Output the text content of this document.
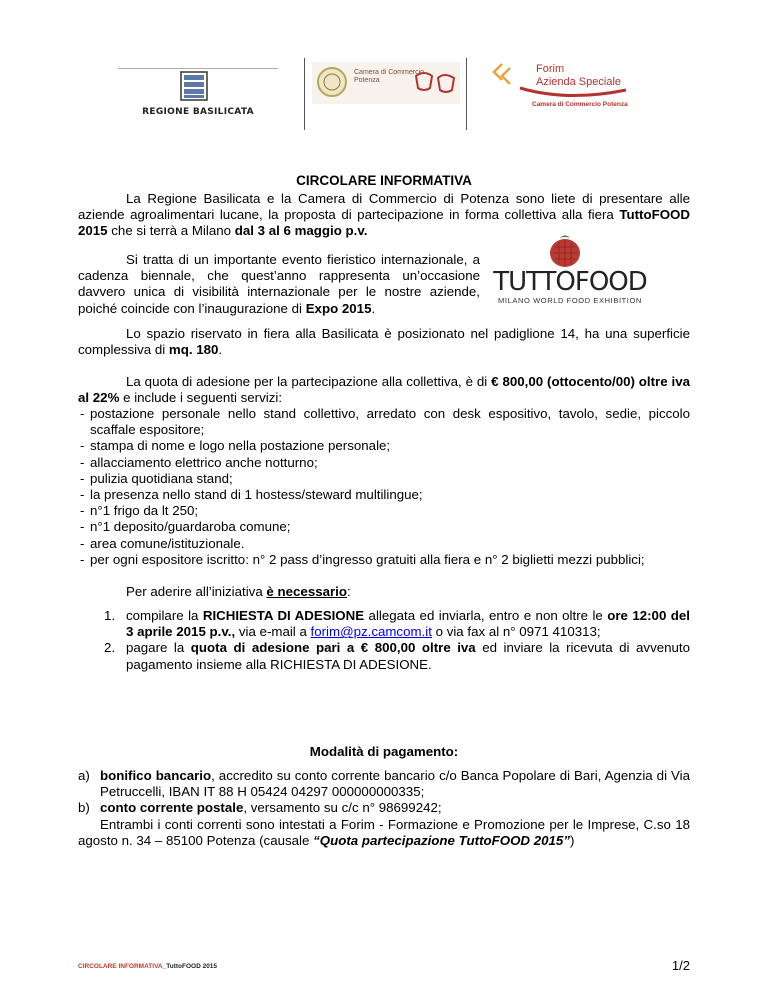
REGIONE BASILICATA
Camera di Commercio
Potenza
Forim
Azienda Speciale
Camera di Commercio Potenza
CIRCOLARE INFORMATIVA
La Regione Basilicata e la Camera di Commercio di Potenza sono liete di presentare alle aziende agroalimentari lucane, la proposta di partecipazione in forma collettiva alla fiera TuttoFOOD 2015 che si terrà a Milano dal 3 al 6 maggio p.v.
Si tratta di un importante evento fieristico internazionale, a cadenza biennale, che quest’anno rappresenta un’occasione davvero unica di visibilità internazionale per le nostre aziende, poiché coincide con l’inaugurazione di Expo 2015.
TUTTOFOOD
MILANO WORLD FOOD EXHIBITION
Lo spazio riservato in fiera alla Basilicata è posizionato nel padiglione 14, ha una superficie complessiva di mq. 180.
La quota di adesione per la partecipazione alla collettiva, è di € 800,00 (ottocento/00) oltre iva al 22% e include i seguenti servizi:
- postazione personale nello stand collettivo, arredato con desk espositivo, tavolo, sedie, piccolo scaffale espositore;
- stampa di nome e logo nella postazione personale;
- allacciamento elettrico anche notturno;
- pulizia quotidiana stand;
- la presenza nello stand di 1 hostess/steward multilingue;
- n°1 frigo da lt 250;
- n°1 deposito/guardaroba comune;
- area comune/istituzionale.
- per ogni espositore iscritto: n° 2 pass d’ingresso gratuiti alla fiera e n° 2 biglietti mezzi pubblici;
Per aderire all’iniziativa è necessario:
1. compilare la RICHIESTA DI ADESIONE allegata ed inviarla, entro e non oltre le ore 12:00 del 3 aprile 2015 p.v., via e-mail a forim@pz.camcom.it o via fax al n° 0971 410313;
2. pagare la quota di adesione pari a € 800,00 oltre iva ed inviare la ricevuta di avvenuto pagamento insieme alla RICHIESTA DI ADESIONE.
Modalità di pagamento:
a) bonifico bancario, accredito su conto corrente bancario c/o Banca Popolare di Bari, Agenzia di Via Petruccelli, IBAN IT 88 H 05424 04297 000000000335;
b) conto corrente postale, versamento su c/c n° 98699242;
Entrambi i conti correnti sono intestati a Forim - Formazione e Promozione per le Imprese, C.so 18 agosto n. 34 – 85100 Potenza (causale “Quota partecipazione TuttoFOOD 2015”)
CIRCOLARE INFORMATIVA_TuttoFOOD 2015	1/2
